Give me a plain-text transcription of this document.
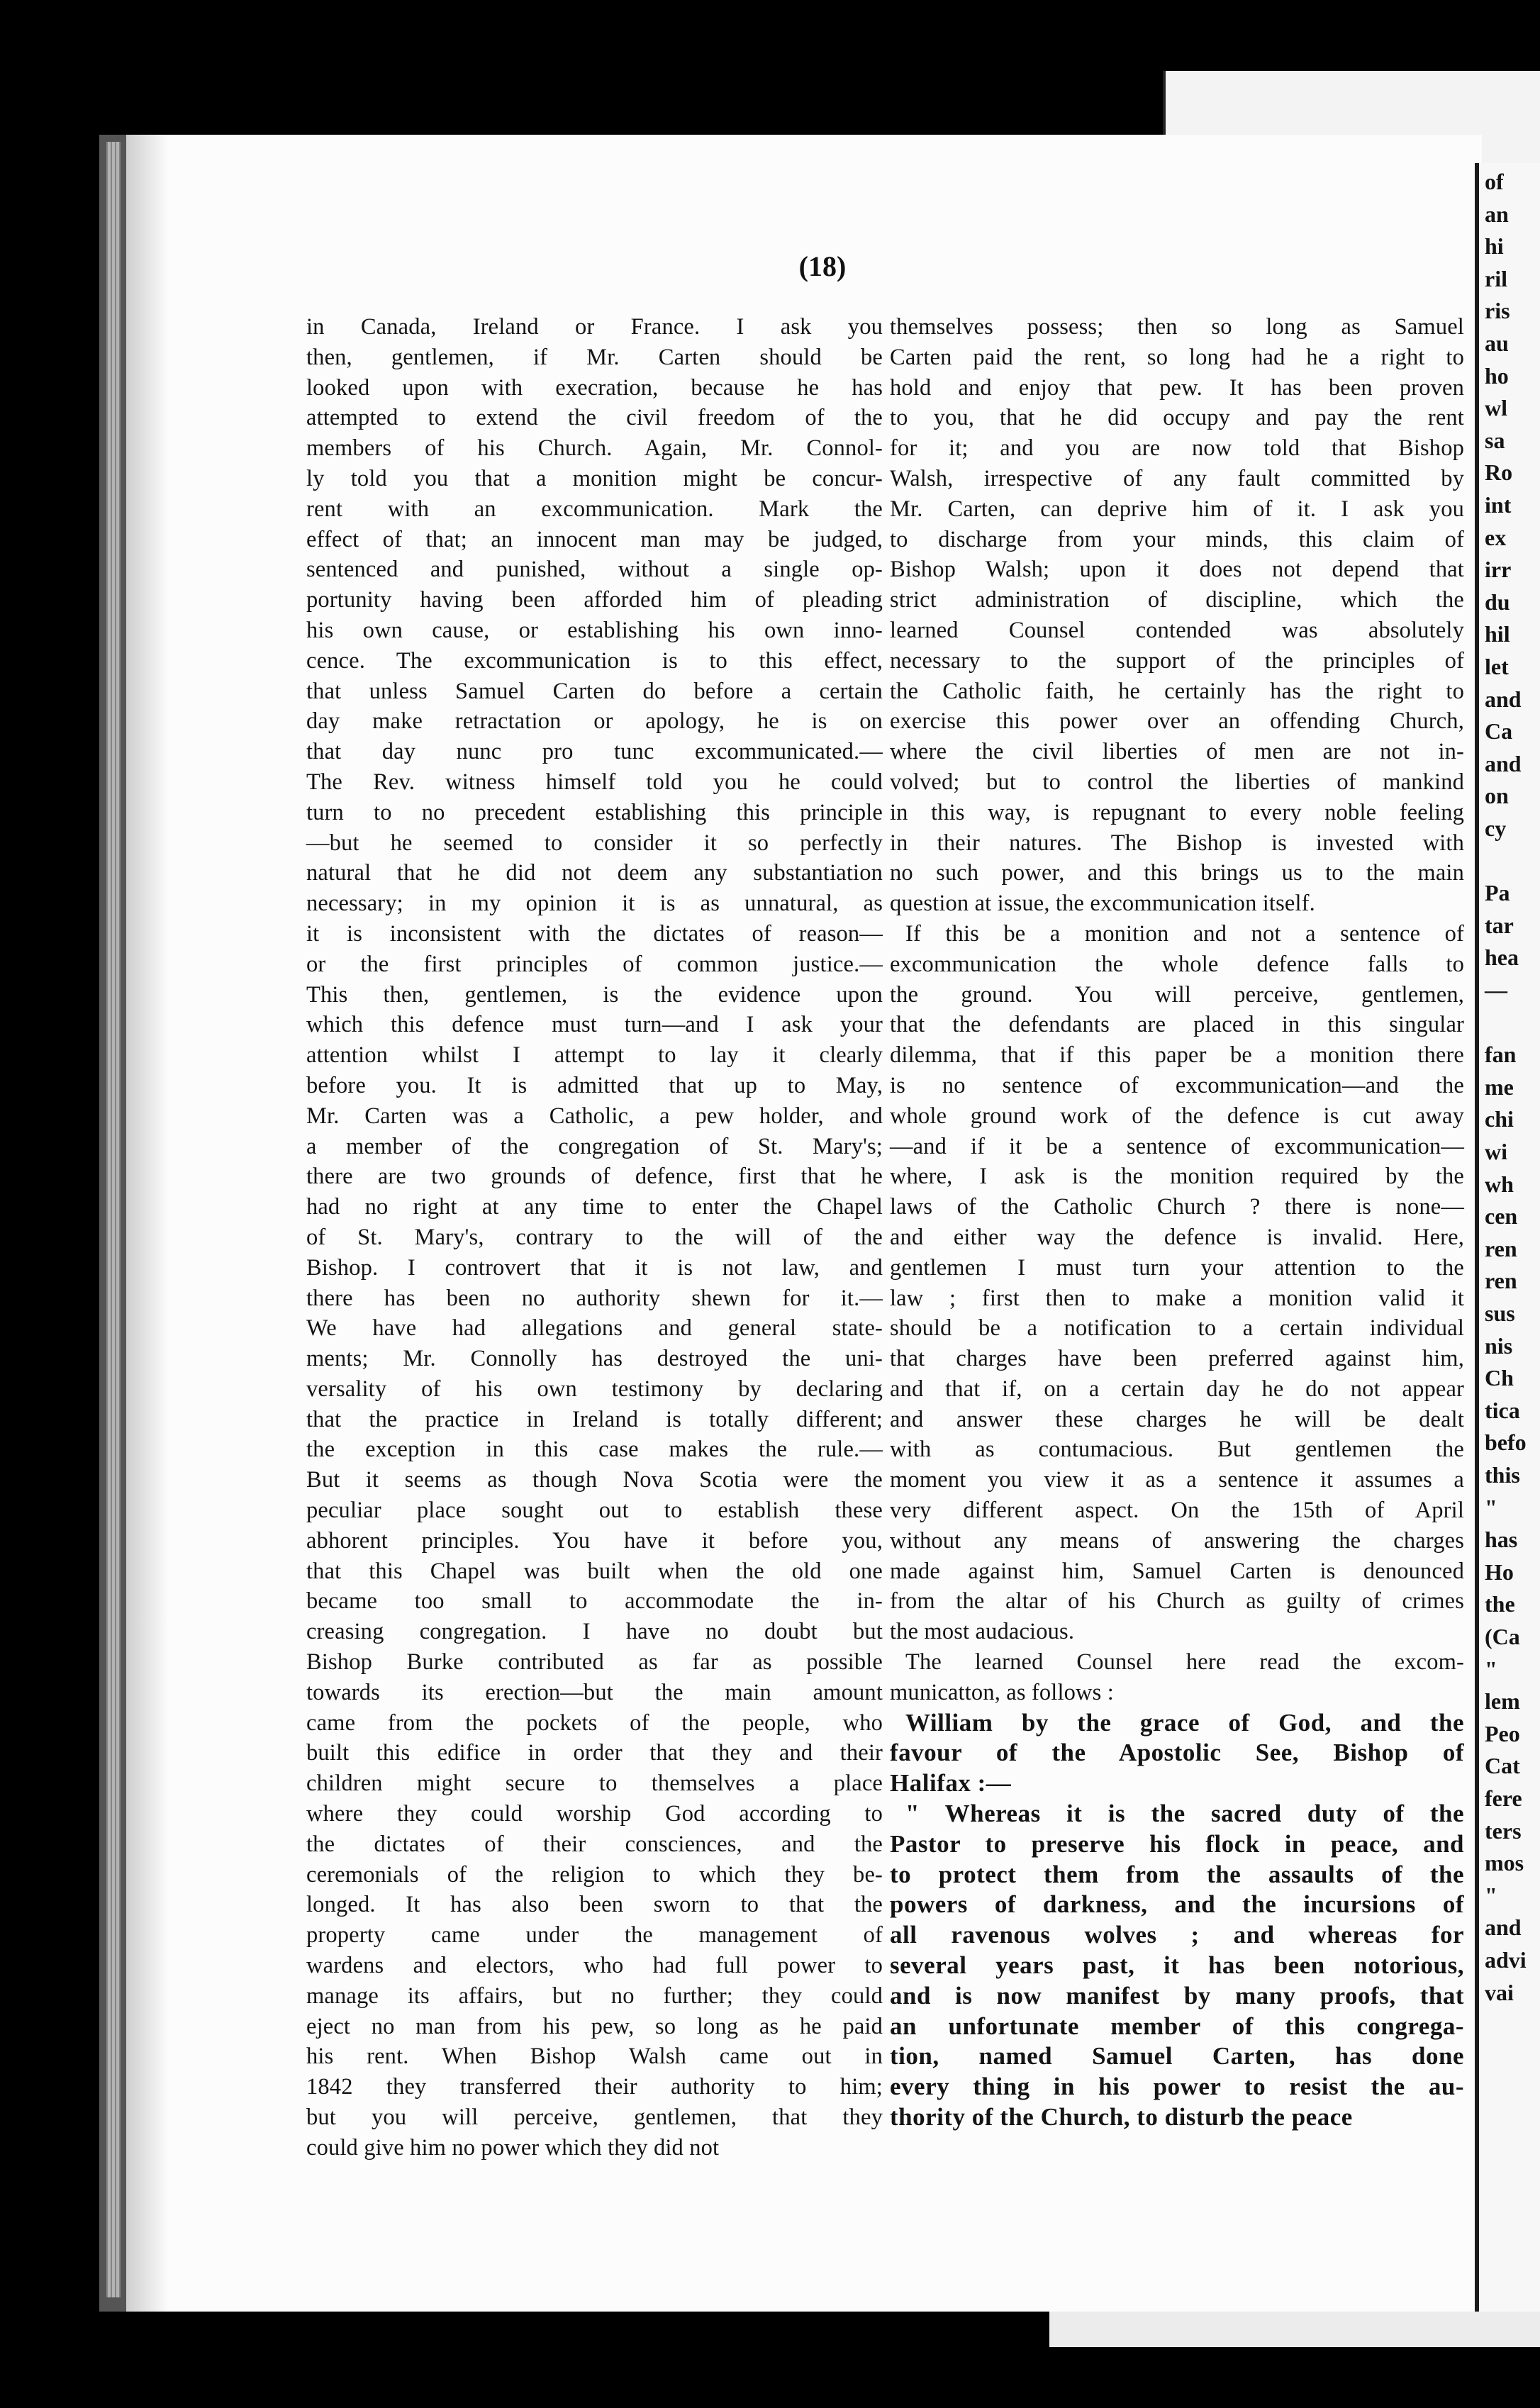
of
an
hi
ril
ris
au
ho
wl
sa
Ro
int
ex
irr
du
hil
let
and
Ca
and
on
cy
Pa
tar
hea
—
fan
me
chi
wi
wh
cen
ren
ren
sus
nis
Ch
tica
befo
this
"
has
Ho
the
(Ca
"
lem
Peo
Cat
fere
ters
mos
"
and
advi
vai
(18)
in Canada, Ireland or France. I ask you
then, gentlemen, if Mr. Carten should be
looked upon with execration, because he has
attempted to extend the civil freedom of the
members of his Church. Again, Mr. Connol-
ly told you that a monition might be concur-
rent with an excommunication. Mark the
effect of that; an innocent man may be judged,
sentenced and punished, without a single op-
portunity having been afforded him of pleading
his own cause, or establishing his own inno-
cence. The excommunication is to this effect,
that unless Samuel Carten do before a certain
day make retractation or apology, he is on
that day nunc pro tunc excommunicated.—
The Rev. witness himself told you he could
turn to no precedent establishing this principle
—but he seemed to consider it so perfectly
natural that he did not deem any substantiation
necessary; in my opinion it is as unnatural, as
it is inconsistent with the dictates of reason—
or the first principles of common justice.—
This then, gentlemen, is the evidence upon
which this defence must turn—and I ask your
attention whilst I attempt to lay it clearly
before you. It is admitted that up to May,
Mr. Carten was a Catholic, a pew holder, and
a member of the congregation of St. Mary's;
there are two grounds of defence, first that he
had no right at any time to enter the Chapel
of St. Mary's, contrary to the will of the
Bishop. I controvert that it is not law, and
there has been no authority shewn for it.—
We have had allegations and general state-
ments; Mr. Connolly has destroyed the uni-
versality of his own testimony by declaring
that the practice in Ireland is totally different;
the exception in this case makes the rule.—
But it seems as though Nova Scotia were the
peculiar place sought out to establish these
abhorent principles. You have it before you,
that this Chapel was built when the old one
became too small to accommodate the in-
creasing congregation. I have no doubt but
Bishop Burke contributed as far as possible
towards its erection—but the main amount
came from the pockets of the people, who
built this edifice in order that they and their
children might secure to themselves a place
where they could worship God according to
the dictates of their consciences, and the
ceremonials of the religion to which they be-
longed. It has also been sworn to that the
property came under the management of
wardens and electors, who had full power to
manage its affairs, but no further; they could
eject no man from his pew, so long as he paid
his rent. When Bishop Walsh came out in
1842 they transferred their authority to him;
but you will perceive, gentlemen, that they
could give him no power which they did not
themselves possess; then so long as Samuel
Carten paid the rent, so long had he a right to
hold and enjoy that pew. It has been proven
to you, that he did occupy and pay the rent
for it; and you are now told that Bishop
Walsh, irrespective of any fault committed by
Mr. Carten, can deprive him of it. I ask you
to discharge from your minds, this claim of
Bishop Walsh; upon it does not depend that
strict administration of discipline, which the
learned Counsel contended was absolutely
necessary to the support of the principles of
the Catholic faith, he certainly has the right to
exercise this power over an offending Church,
where the civil liberties of men are not in-
volved; but to control the liberties of mankind
in this way, is repugnant to every noble feeling
in their natures. The Bishop is invested with
no such power, and this brings us to the main
question at issue, the excommunication itself.
If this be a monition and not a sentence of
excommunication the whole defence falls to
the ground. You will perceive, gentlemen,
that the defendants are placed in this singular
dilemma, that if this paper be a monition there
is no sentence of excommunication—and the
whole ground work of the defence is cut away
—and if it be a sentence of excommunication—
where, I ask is the monition required by the
laws of the Catholic Church ? there is none—
and either way the defence is invalid. Here,
gentlemen I must turn your attention to the
law ; first then to make a monition valid it
should be a notification to a certain individual
that charges have been preferred against him,
and that if, on a certain day he do not appear
and answer these charges he will be dealt
with as contumacious. But gentlemen the
moment you view it as a sentence it assumes a
very different aspect. On the 15th of April
without any means of answering the charges
made against him, Samuel Carten is denounced
from the altar of his Church as guilty of crimes
the most audacious.
The learned Counsel here read the excom-
municatton, as follows :
William by the grace of God, and the
favour of the Apostolic See, Bishop of
Halifax :—
" Whereas it is the sacred duty of the
Pastor to preserve his flock in peace, and
to protect them from the assaults of the
powers of darkness, and the incursions of
all ravenous wolves ; and whereas for
several years past, it has been notorious,
and is now manifest by many proofs, that
an unfortunate member of this congrega-
tion, named Samuel Carten, has done
every thing in his power to resist the au-
thority of the Church, to disturb the peace
